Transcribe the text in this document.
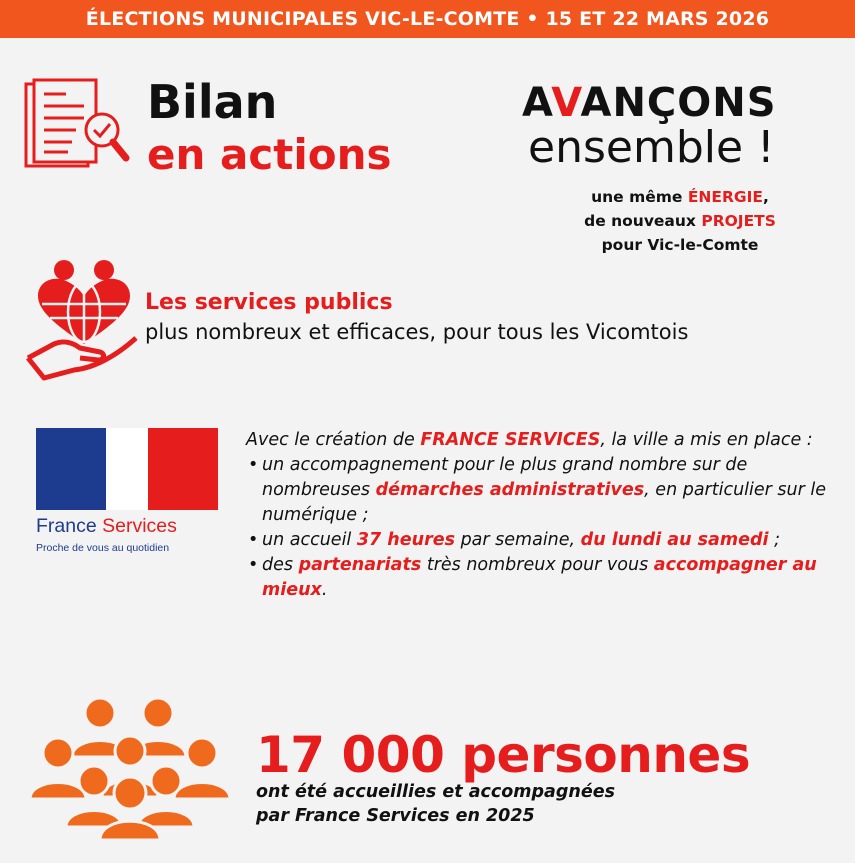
ÉLECTIONS MUNICIPALES VIC-LE-COMTE • 15 ET 22 MARS 2026
Bilan
en actions
AVANÇONS
ensemble !
une même ÉNERGIE,
de nouveaux PROJETS
pour Vic-le-Comte
Les services publics
plus nombreux et efficaces, pour tous les Vicomtois
France Services
Proche de vous au quotidien

Avec le création de FRANCE SERVICES, la ville a mis en place :

• un accompagnement pour le plus grand nombre sur de nombreuses démarches administratives, en particulier sur le numérique ;
• un accueil 37 heures par semaine, du lundi au samedi ;
• des partenariats très nombreux pour vous accompagner au mieux.
17 000 personnes
ont été accueillies et accompagnées
par France Services en 2025
